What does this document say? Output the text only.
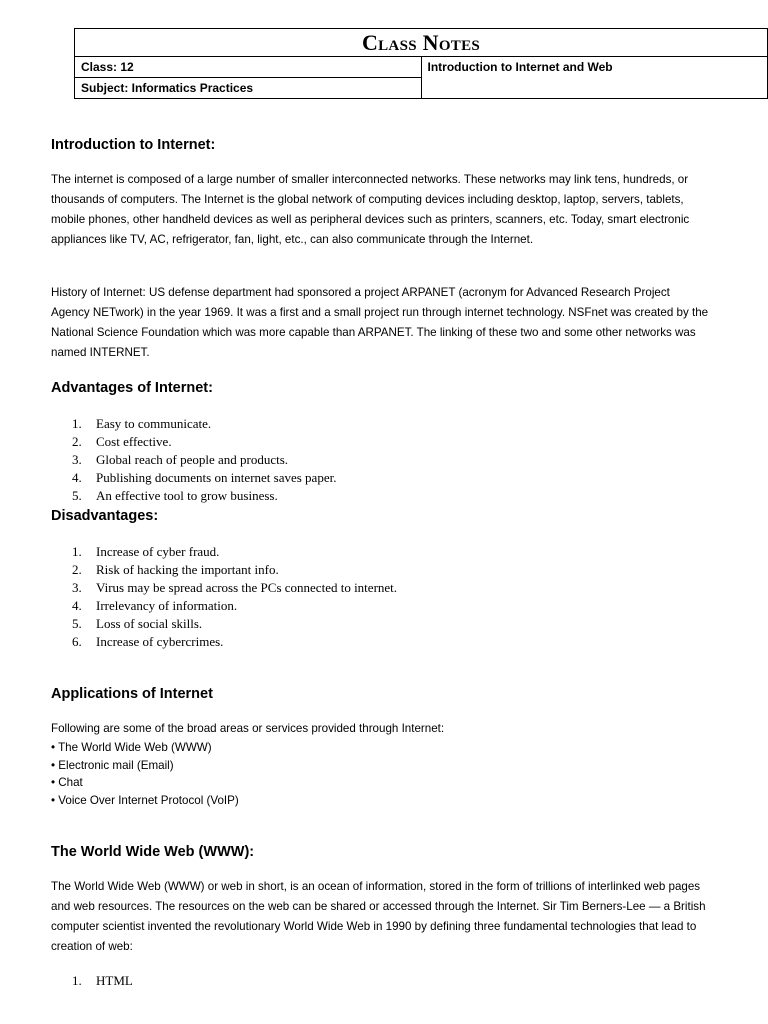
Class Notes
Class: 12	Introduction to Internet and Web
Subject: Informatics Practices
Introduction to Internet:

The internet is composed of a large number of smaller interconnected networks. These networks may link tens, hundreds, or thousands of computers. The Internet is the global network of computing devices including desktop, laptop, servers, tablets, mobile phones, other handheld devices as well as peripheral devices such as printers, scanners, etc. Today, smart electronic appliances like TV, AC, refrigerator, fan, light, etc., can also communicate through the Internet.

History of Internet: US defense department had sponsored a project ARPANET (acronym for Advanced Research Project Agency NETwork) in the year 1969. It was a first and a small project run through internet technology. NSFnet was created by the National Science Foundation which was more capable than ARPANET. The linking of these two and some other networks was named INTERNET.

Advantages of Internet:
1.	Easy to communicate.
2.	Cost effective.
3.	Global reach of people and products.
4.	Publishing documents on internet saves paper.
5.	An effective tool to grow business.
Disadvantages:
1.	Increase of cyber fraud.
2.	Risk of hacking the important info.
3.	Virus may be spread across the PCs connected to internet.
4.	Irrelevancy of information.
5.	Loss of social skills.
6.	Increase of cybercrimes.
Applications of Internet

Following are some of the broad areas or services provided through Internet:

• The World Wide Web (WWW)
• Electronic mail (Email)
• Chat
• Voice Over Internet Protocol (VoIP)
The World Wide Web (WWW):

The World Wide Web (WWW) or web in short, is an ocean of information, stored in the form of trillions of interlinked web pages and web resources. The resources on the web can be shared or accessed through the Internet. Sir Tim Berners-Lee — a British computer scientist invented the revolutionary World Wide Web in 1990 by defining three fundamental technologies that lead to creation of web:

1.	HTML
